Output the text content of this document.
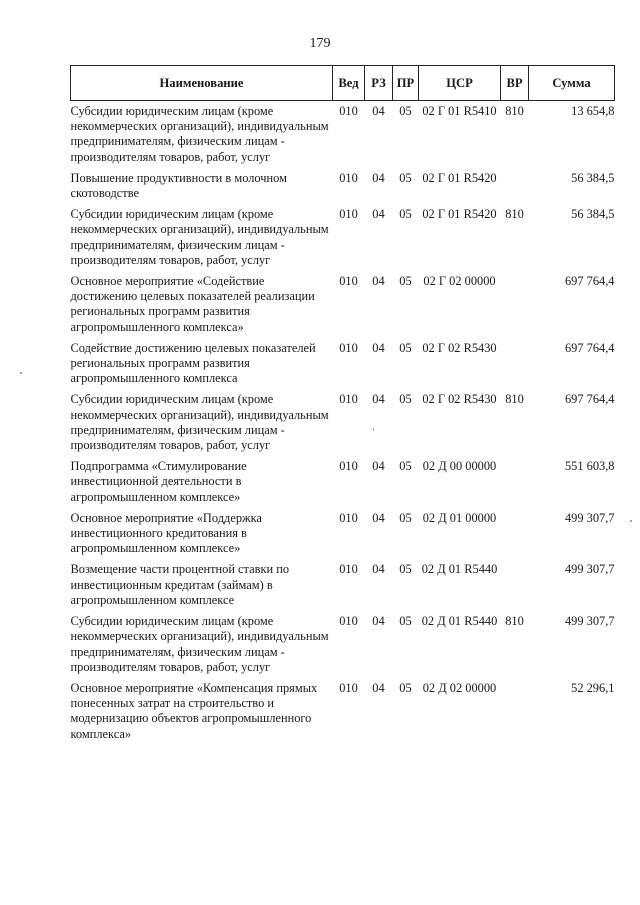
179
Наименование	Вед	РЗ	ПР	ЦСР	ВР	Сумма
Субсидии юридическим лицам (кроме некоммерческих организаций), индивидуальным предпринимателям, физическим лицам - производителям товаров, работ, услуг	010	04	05	02 Г 01 R5410	810	13 654,8
Повышение продуктивности в молочном скотоводстве	010	04	05	02 Г 01 R5420		56 384,5
Субсидии юридическим лицам (кроме некоммерческих организаций), индивидуальным предпринимателям, физическим лицам - производителям товаров, работ, услуг	010	04	05	02 Г 01 R5420	810	56 384,5
Основное мероприятие «Содействие достижению целевых показателей реализации региональных программ развития агропромышленного комплекса»	010	04	05	02 Г 02 00000		697 764,4
Содействие достижению целевых показателей региональных программ развития агропромышленного комплекса	010	04	05	02 Г 02 R5430		697 764,4
Субсидии юридическим лицам (кроме некоммерческих организаций), индивидуальным предпринимателям, физическим лицам - производителям товаров, работ, услуг	010	04	05	02 Г 02 R5430	810	697 764,4
Подпрограмма «Стимулирование инвестиционной деятельности в агропромышленном комплексе»	010	04	05	02 Д 00 00000		551 603,8
Основное мероприятие «Поддержка инвестиционного кредитования в агропромышленном комплексе»	010	04	05	02 Д 01 00000		499 307,7
Возмещение части процентной ставки по инвестиционным кредитам (займам) в агропромышленном комплексе	010	04	05	02 Д 01 R5440		499 307,7
Субсидии юридическим лицам (кроме некоммерческих организаций), индивидуальным предпринимателям, физическим лицам - производителям товаров, работ, услуг	010	04	05	02 Д 01 R5440	810	499 307,7
Основное мероприятие «Компенсация прямых понесенных затрат на строительство и модернизацию объектов агропромышленного комплекса»	010	04	05	02 Д 02 00000		52 296,1
